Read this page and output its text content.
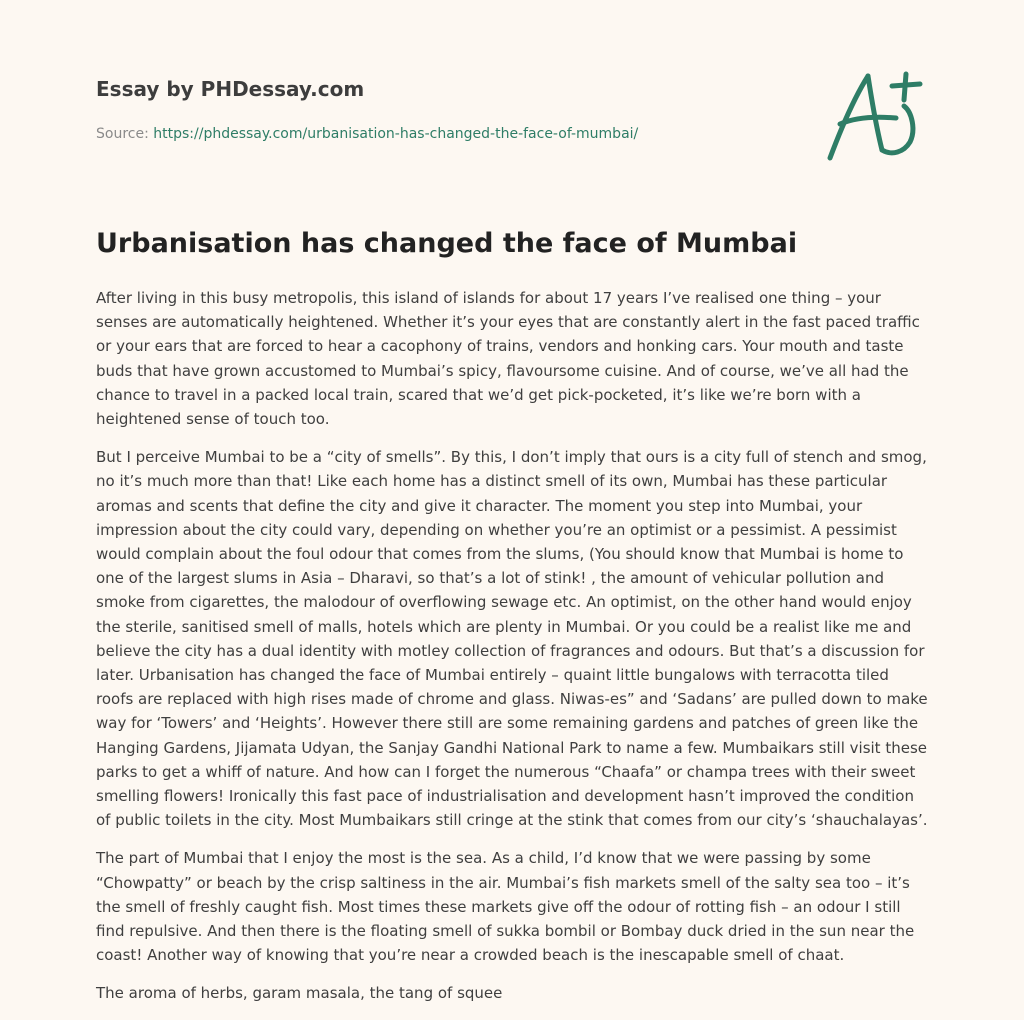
Essay by PHDessay.com
Source: https://phdessay.com/urbanisation-has-changed-the-face-of-mumbai/
Urbanisation has changed the face of Mumbai

After living in this busy metropolis, this island of islands for about 17 years I’ve realised one thing – your senses are automatically heightened. Whether it’s your eyes that are constantly alert in the fast paced traffic or your ears that are forced to hear a cacophony of trains, vendors and honking cars. Your mouth and taste buds that have grown accustomed to Mumbai’s spicy, flavoursome cuisine. And of course, we’ve all had the chance to travel in a packed local train, scared that we’d get pick-pocketed, it’s like we’re born with a heightened sense of touch too.

But I perceive Mumbai to be a “city of smells”. By this, I don’t imply that ours is a city full of stench and smog, no it’s much more than that! Like each home has a distinct smell of its own, Mumbai has these particular aromas and scents that define the city and give it character. The moment you step into Mumbai, your impression about the city could vary, depending on whether you’re an optimist or a pessimist. A pessimist would complain about the foul odour that comes from the slums, (You should know that Mumbai is home to one of the largest slums in Asia – Dharavi, so that’s a lot of stink! , the amount of vehicular pollution and smoke from cigarettes, the malodour of overflowing sewage etc. An optimist, on the other hand would enjoy the sterile, sanitised smell of malls, hotels which are plenty in Mumbai. Or you could be a realist like me and believe the city has a dual identity with motley collection of fragrances and odours. But that’s a discussion for later. Urbanisation has changed the face of Mumbai entirely – quaint little bungalows with terracotta tiled roofs are replaced with high rises made of chrome and glass. Niwas-es” and ‘Sadans’ are pulled down to make way for ‘Towers’ and ‘Heights’. However there still are some remaining gardens and patches of green like the Hanging Gardens, Jijamata Udyan, the Sanjay Gandhi National Park to name a few. Mumbaikars still visit these parks to get a whiff of nature. And how can I forget the numerous “Chaafa” or champa trees with their sweet smelling flowers! Ironically this fast pace of industrialisation and development hasn’t improved the condition of public toilets in the city. Most Mumbaikars still cringe at the stink that comes from our city’s ‘shauchalayas’.

The part of Mumbai that I enjoy the most is the sea. As a child, I’d know that we were passing by some “Chowpatty” or beach by the crisp saltiness in the air. Mumbai’s fish markets smell of the salty sea too – it’s the smell of freshly caught fish. Most times these markets give off the odour of rotting fish – an odour I still find repulsive. And then there is the floating smell of sukka bombil or Bombay duck dried in the sun near the coast! Another way of knowing that you’re near a crowded beach is the inescapable smell of chaat.

The aroma of herbs, garam masala, the tang of squee
